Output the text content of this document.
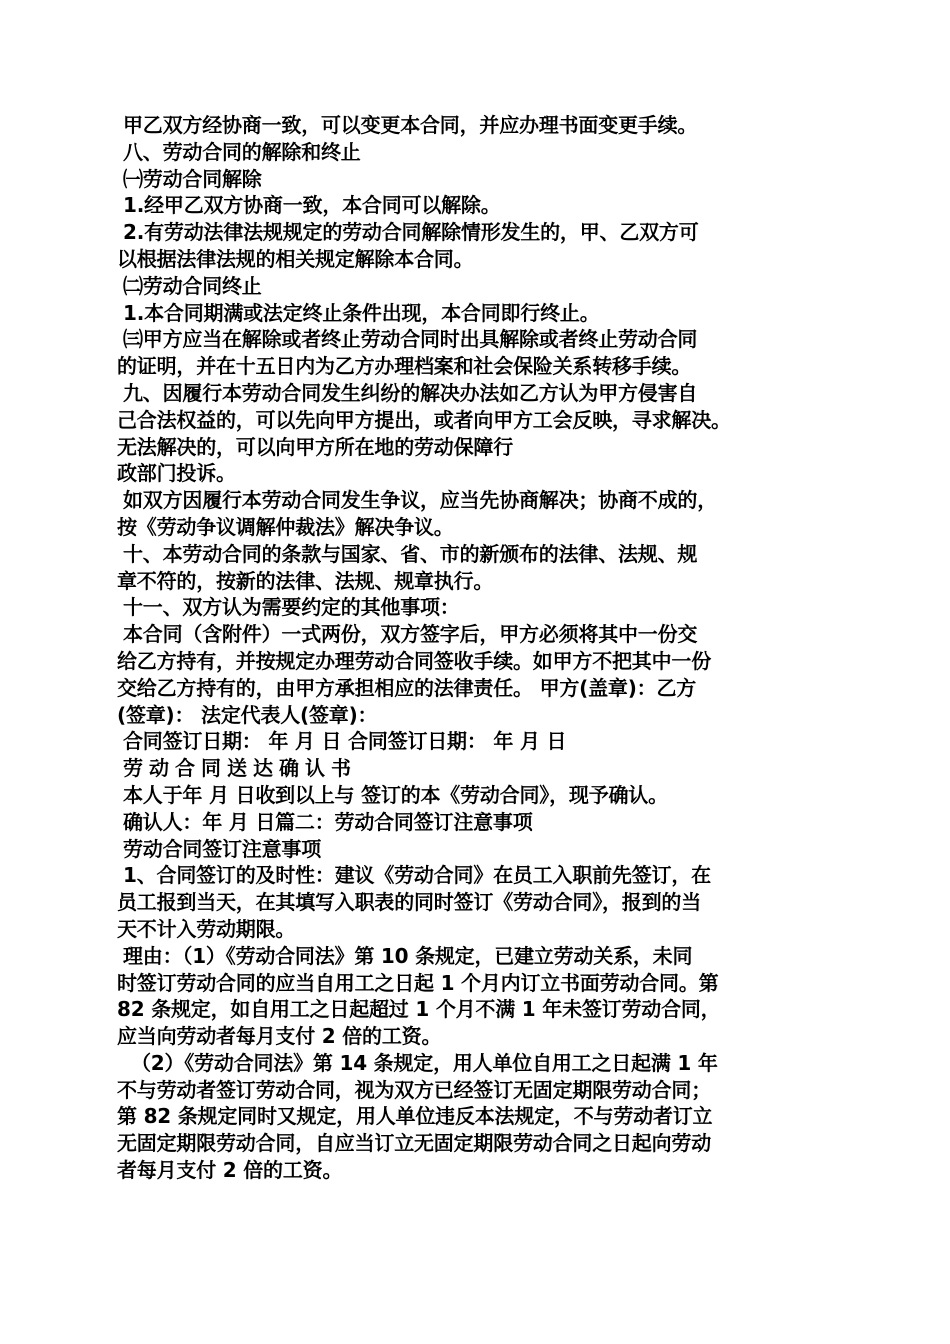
甲乙双方经协商一致，可以变更本合同，并应办理书面变更手续。
八、劳动合同的解除和终止
㈠劳动合同解除
1.经甲乙双方协商一致，本合同可以解除。
2.有劳动法律法规规定的劳动合同解除情形发生的，甲、乙双方可
以根据法律法规的相关规定解除本合同。
㈡劳动合同终止
1.本合同期满或法定终止条件出现，本合同即行终止。
㈢甲方应当在解除或者终止劳动合同时出具解除或者终止劳动合同
的证明，并在十五日内为乙方办理档案和社会保险关系转移手续。
九、因履行本劳动合同发生纠纷的解决办法如乙方认为甲方侵害自
己合法权益的，可以先向甲方提出，或者向甲方工会反映，寻求解决。
无法解决的，可以向甲方所在地的劳动保障行
政部门投诉。
如双方因履行本劳动合同发生争议，应当先协商解决；协商不成的，
按《劳动争议调解仲裁法》解决争议。
十、本劳动合同的条款与国家、省、市的新颁布的法律、法规、规
章不符的，按新的法律、法规、规章执行。
十一、双方认为需要约定的其他事项：
本合同（含附件）一式两份，双方签字后，甲方必须将其中一份交
给乙方持有，并按规定办理劳动合同签收手续。如甲方不把其中一份
交给乙方持有的，由甲方承担相应的法律责任。 甲方(盖章)：乙方
(签章)： 法定代表人(签章)：
合同签订日期： 年 月 日 合同签订日期： 年 月 日
劳动合同送达确认书
本人于年 月 日收到以上与 签订的本《劳动合同》，现予确认。
确认人：年 月 日篇二：劳动合同签订注意事项
劳动合同签订注意事项
1、合同签订的及时性：建议《劳动合同》在员工入职前先签订，在
员工报到当天，在其填写入职表的同时签订《劳动合同》，报到的当
天不计入劳动期限。
理由：（1）《劳动合同法》第 10 条规定，已建立劳动关系，未同
时签订劳动合同的应当自用工之日起 1 个月内订立书面劳动合同。第
82 条规定，如自用工之日起超过 1 个月不满 1 年未签订劳动合同，
应当向劳动者每月支付 2 倍的工资。
（2）《劳动合同法》第 14 条规定，用人单位自用工之日起满 1 年
不与劳动者签订劳动合同，视为双方已经签订无固定期限劳动合同；
第 82 条规定同时又规定，用人单位违反本法规定，不与劳动者订立
无固定期限劳动合同，自应当订立无固定期限劳动合同之日起向劳动
者每月支付 2 倍的工资。
